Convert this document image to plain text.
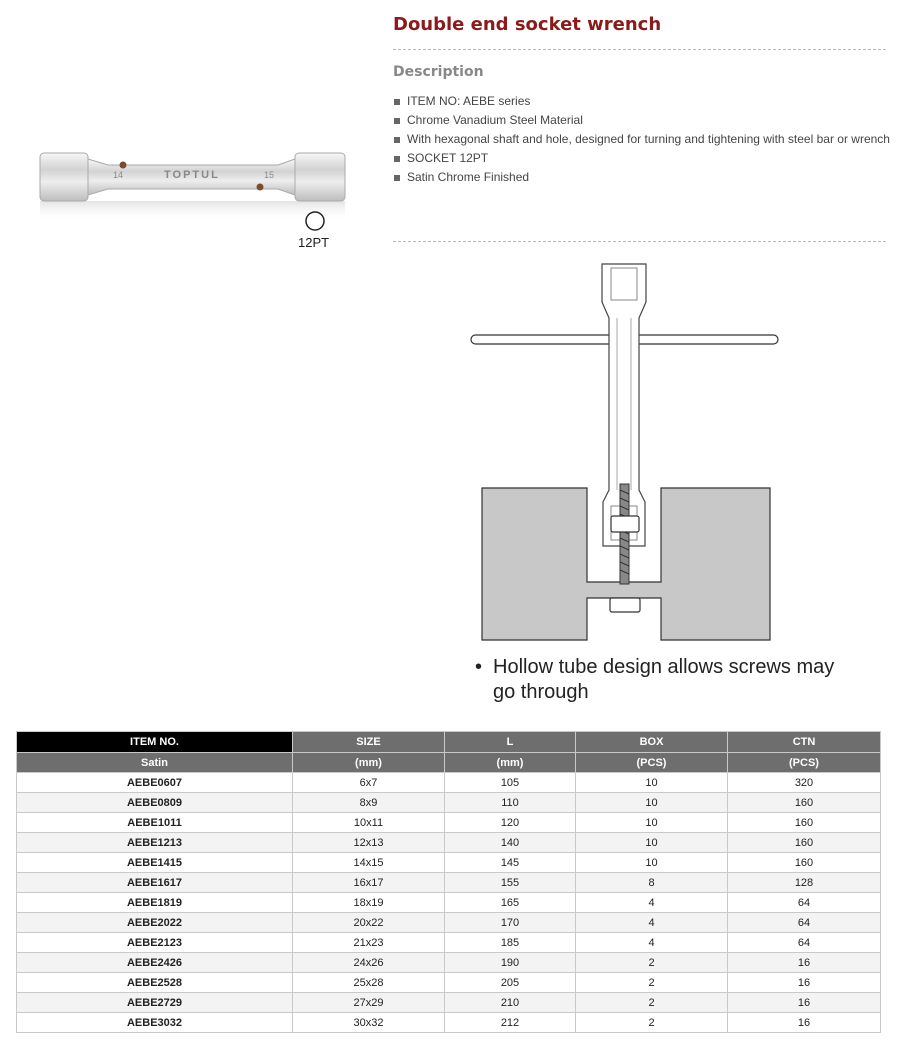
14	TOPTUL	15
12PT
Double end socket wrench
Description
ITEM NO: AEBE series
Chrome Vanadium Steel Material
With hexagonal shaft and hole, designed for turning and tightening with steel bar or wrench
SOCKET 12PT
Satin Chrome Finished
• Hollow tube design allows screws may go through
ITEM NO.	SIZE	L	BOX	CTN
Satin	(mm)	(mm)	(PCS)	(PCS)
AEBE0607	6x7	105	10	320
AEBE0809	8x9	110	10	160
AEBE1011	10x11	120	10	160
AEBE1213	12x13	140	10	160
AEBE1415	14x15	145	10	160
AEBE1617	16x17	155	8	128
AEBE1819	18x19	165	4	64
AEBE2022	20x22	170	4	64
AEBE2123	21x23	185	4	64
AEBE2426	24x26	190	2	16
AEBE2528	25x28	205	2	16
AEBE2729	27x29	210	2	16
AEBE3032	30x32	212	2	16
